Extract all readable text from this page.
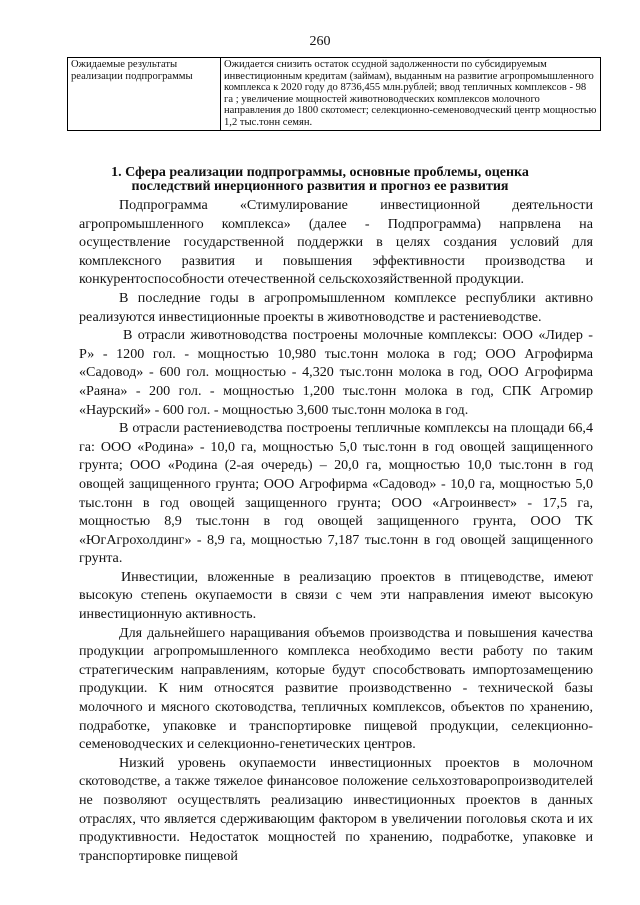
260
Ожидаемые результаты реализации подпрограммы	Ожидается снизить остаток ссудной задолженности по субсидируемым инвестиционным кредитам (займам), выданным на развитие агропромышленного комплекса к 2020 году до 8736,455 млн.рублей; ввод тепличных комплексов - 98 га ; увеличение мощностей животноводческих комплексов молочного направления до 1800 скотомест; селекционно-семеноводческий центр мощностью 1,2 тыс.тонн семян.
1. Сфера реализации подпрограммы, основные проблемы, оценка последствий инерционного развития и прогноз ее развития

Подпрограмма «Стимулирование инвестиционной деятельности агропромышленного комплекса» (далее - Подпрограмма) напрвлена на осуществление государственной поддержки в целях создания условий для комплексного развития и повышения эффективности производства и конкурентоспособности отечественной сельскохозяйственной продукции.

В последние годы в агропромышленном комплексе республики активно реализуются инвестиционные проекты в животноводстве и растениеводстве.

В отрасли животноводства построены молочные комплексы: ООО «Лидер - Р» - 1200 гол. - мощностью 10,980 тыс.тонн молока в год; ООО Агрофирма «Садовод» - 600 гол. мощностью - 4,320 тыс.тонн молока в год, ООО Агрофирма «Раяна» - 200 гол. - мощностью 1,200 тыс.тонн молока в год, СПК Агромир «Наурский» - 600 гол. - мощностью 3,600 тыс.тонн молока в год.

В отрасли растениеводства построены тепличные комплексы на площади 66,4 га: ООО «Родина» - 10,0 га, мощностью 5,0 тыс.тонн в год овощей защищенного грунта; ООО «Родина (2-ая очередь) – 20,0 га, мощностью 10,0 тыс.тонн в год овощей защищенного грунта; ООО Агрофирма «Садовод» - 10,0 га, мощностью 5,0 тыс.тонн в год овощей защищенного грунта; ООО «Агроинвест» - 17,5 га, мощностью 8,9 тыс.тонн в год овощей защищенного грунта, ООО ТК «ЮгАгрохолдинг» - 8,9 га, мощностью 7,187 тыс.тонн в год овощей защищенного грунта.

Инвестиции, вложенные в реализацию проектов в птицеводстве, имеют высокую степень окупаемости в связи с чем эти направления имеют высокую инвестиционную активность.

Для дальнейшего наращивания объемов производства и повышения качества продукции агропромышленного комплекса необходимо вести работу по таким стратегическим направлениям, которые будут способствовать импортозамещению продукции. К ним относятся развитие производственно - технической базы молочного и мясного скотоводства, тепличных комплексов, объектов по хранению, подработке, упаковке и транспортировке пищевой продукции, селекционно-семеноводческих и селекционно-генетических центров.

Низкий уровень окупаемости инвестиционных проектов в молочном скотоводстве, а также тяжелое финансовое положение сельхозтоваропроизводителей не позволяют осуществлять реализацию инвестиционных проектов в данных отраслях, что является сдерживающим фактором в увеличении поголовья скота и их продуктивности. Недостаток мощностей по хранению, подработке, упаковке и транспортировке пищевой
